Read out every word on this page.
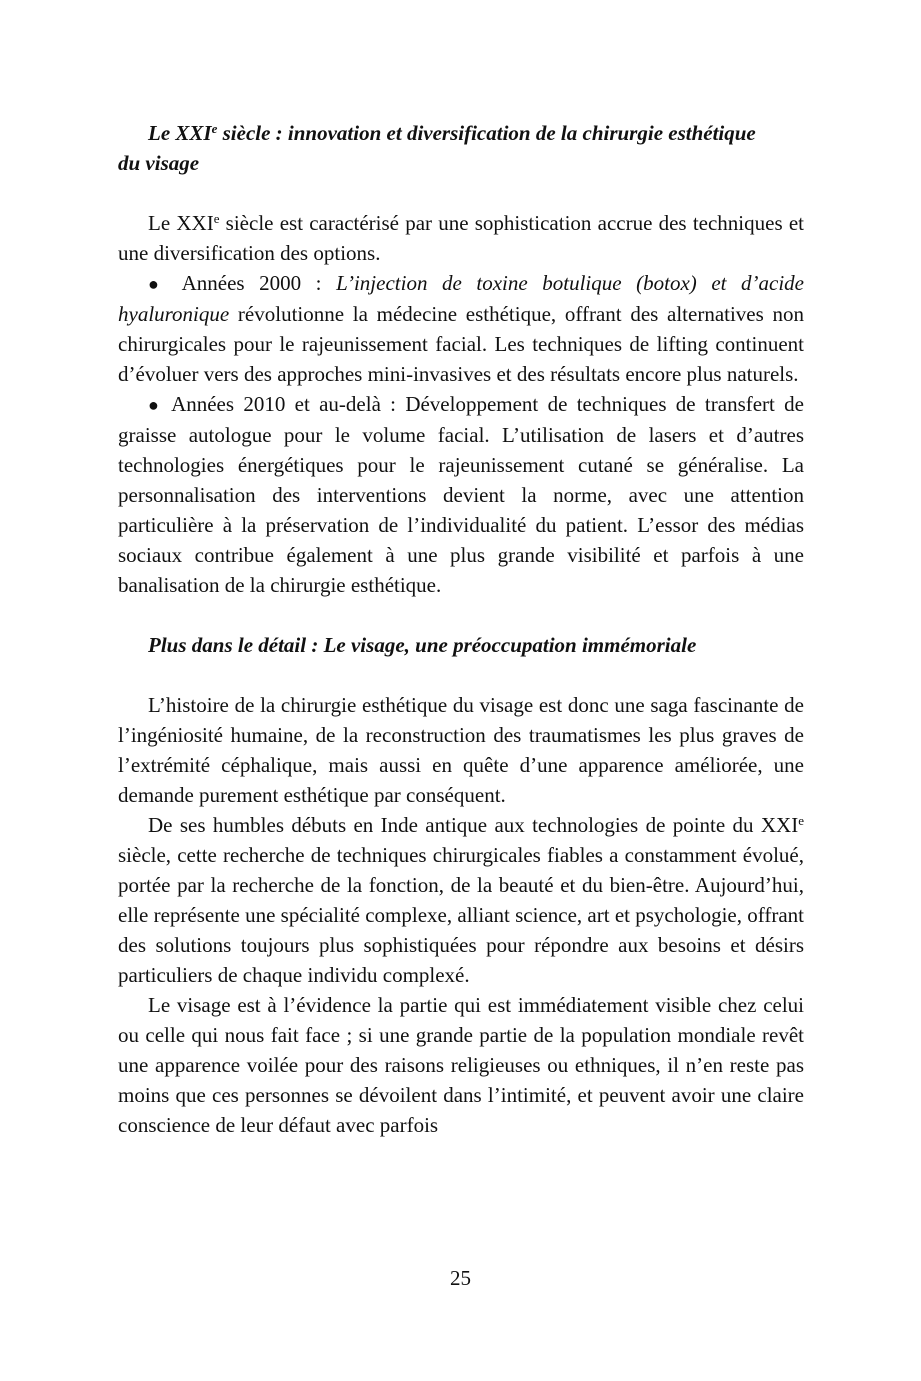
Le XXIe siècle : innovation et diversification de la chirurgie esthétique
du visage

Le XXIe siècle est caractérisé par une sophistication accrue des techniques et une diversification des options.

● Années 2000 : L’injection de toxine botulique (botox) et d’acide hyaluronique révolutionne la médecine esthétique, offrant des alternatives non chirurgicales pour le rajeunissement facial. Les techniques de lifting continuent d’évoluer vers des approches mini-invasives et des résultats encore plus naturels.

● Années 2010 et au-delà : Développement de techniques de transfert de graisse autologue pour le volume facial. L’utilisation de lasers et d’autres technologies énergétiques pour le rajeunissement cutané se généralise. La personnalisation des interventions devient la norme, avec une attention particulière à la préservation de l’individualité du patient. L’essor des médias sociaux contribue également à une plus grande visibilité et parfois à une banalisation de la chirurgie esthétique.

Plus dans le détail : Le visage, une préoccupation immémoriale

L’histoire de la chirurgie esthétique du visage est donc une saga fascinante de l’ingéniosité humaine, de la reconstruction des traumatismes les plus graves de l’extrémité céphalique, mais aussi en quête d’une apparence améliorée, une demande purement esthétique par conséquent.

De ses humbles débuts en Inde antique aux technologies de pointe du XXIe siècle, cette recherche de techniques chirurgicales fiables a constamment évolué, portée par la recherche de la fonction, de la beauté et du bien-être. Aujourd’hui, elle représente une spécialité complexe, alliant science, art et psychologie, offrant des solutions toujours plus sophistiquées pour répondre aux besoins et désirs particuliers de chaque individu complexé.

Le visage est à l’évidence la partie qui est immédiatement visible chez celui ou celle qui nous fait face ; si une grande partie de la population mondiale revêt une apparence voilée pour des raisons religieuses ou ethniques, il n’en reste pas moins que ces personnes se dévoilent dans l’intimité, et peuvent avoir une claire conscience de leur défaut avec parfois

25
